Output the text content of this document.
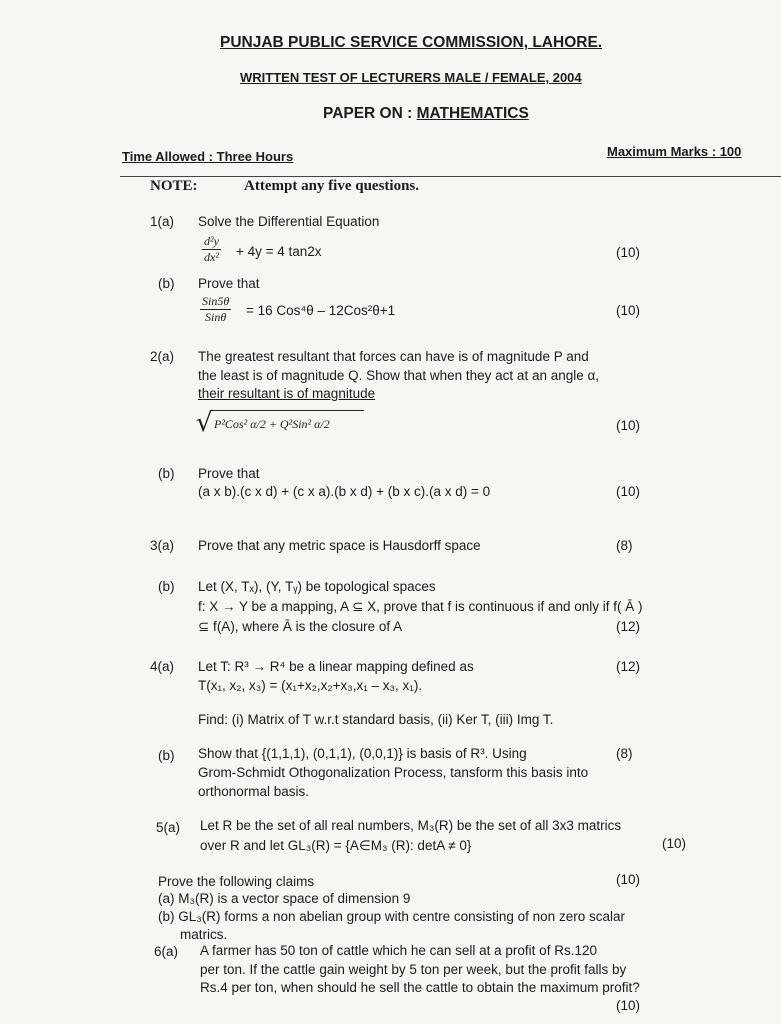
PUNJAB PUBLIC SERVICE COMMISSION, LAHORE.
WRITTEN TEST OF LECTURERS MALE / FEMALE, 2004
PAPER ON : MATHEMATICS
Time Allowed : Three Hours	Maximum Marks : 100
NOTE:	Attempt any five questions.
1(a) Solve the Differential Equation
$\frac{\text{d²y}}{\text{dx²}} + 4y = 4$ tan2x	(10)
(b) Prove that
Sin5θ
Sinθ	= 16 Cos⁴θ – 12Cos²θ+1	(10)
2(a) The greatest resultant that forces can have is of magnitude P and
the least is of magnitude Q. Show that when they act at an angle α,
their resultant is of magnitude
√ P²Cos² α/2 + Q²Sin² α/2	(10)
(b) Prove that
(a x b).(c x d) + (c x a).(b x d) + (b x c).(a x d) = 0	(10)
3(a) Prove that any metric space is Hausdorff space	(8)
(b) Let (X, Tₓ), (Y, Tᵧ) be topological spaces
f: X → Y be a mapping, A ⊆ X, prove that f is continuous if and only if f( Ā )
⊆ f(A), where Ā is the closure of A	(12)
4(a) Let T: R³ → R⁴ be a linear mapping defined as	(12)
T(x₁, x₂, x₃) = (x₁+x₂,x₂+x₃,x₁ – x₃, x₁).
Find: (i) Matrix of T w.r.t standard basis, (ii) Ker T, (iii) Img T.
(b) Show that {(1,1,1), (0,1,1), (0,0,1)} is basis of R³. Using	(8)
Grom-Schmidt Othogonalization Process, tansform this basis into
orthonormal basis.
5(a) Let R be the set of all real numbers, M₃(R) be the set of all 3x3 matrics
over R and let GL₃(R) = {A∈M₃ (R): detA ≠ 0}	(10)
Prove the following claims	(10)
(a) M₃(R) is a vector space of dimension 9
(b) GL₃(R) forms a non abelian group with centre consisting of non zero scalar
matrics.
6(a) A farmer has 50 ton of cattle which he can sell at a profit of Rs.120
per ton. If the cattle gain weight by 5 ton per week, but the profit falls by
Rs.4 per ton, when should he sell the cattle to obtain the maximum profit?
(10)
